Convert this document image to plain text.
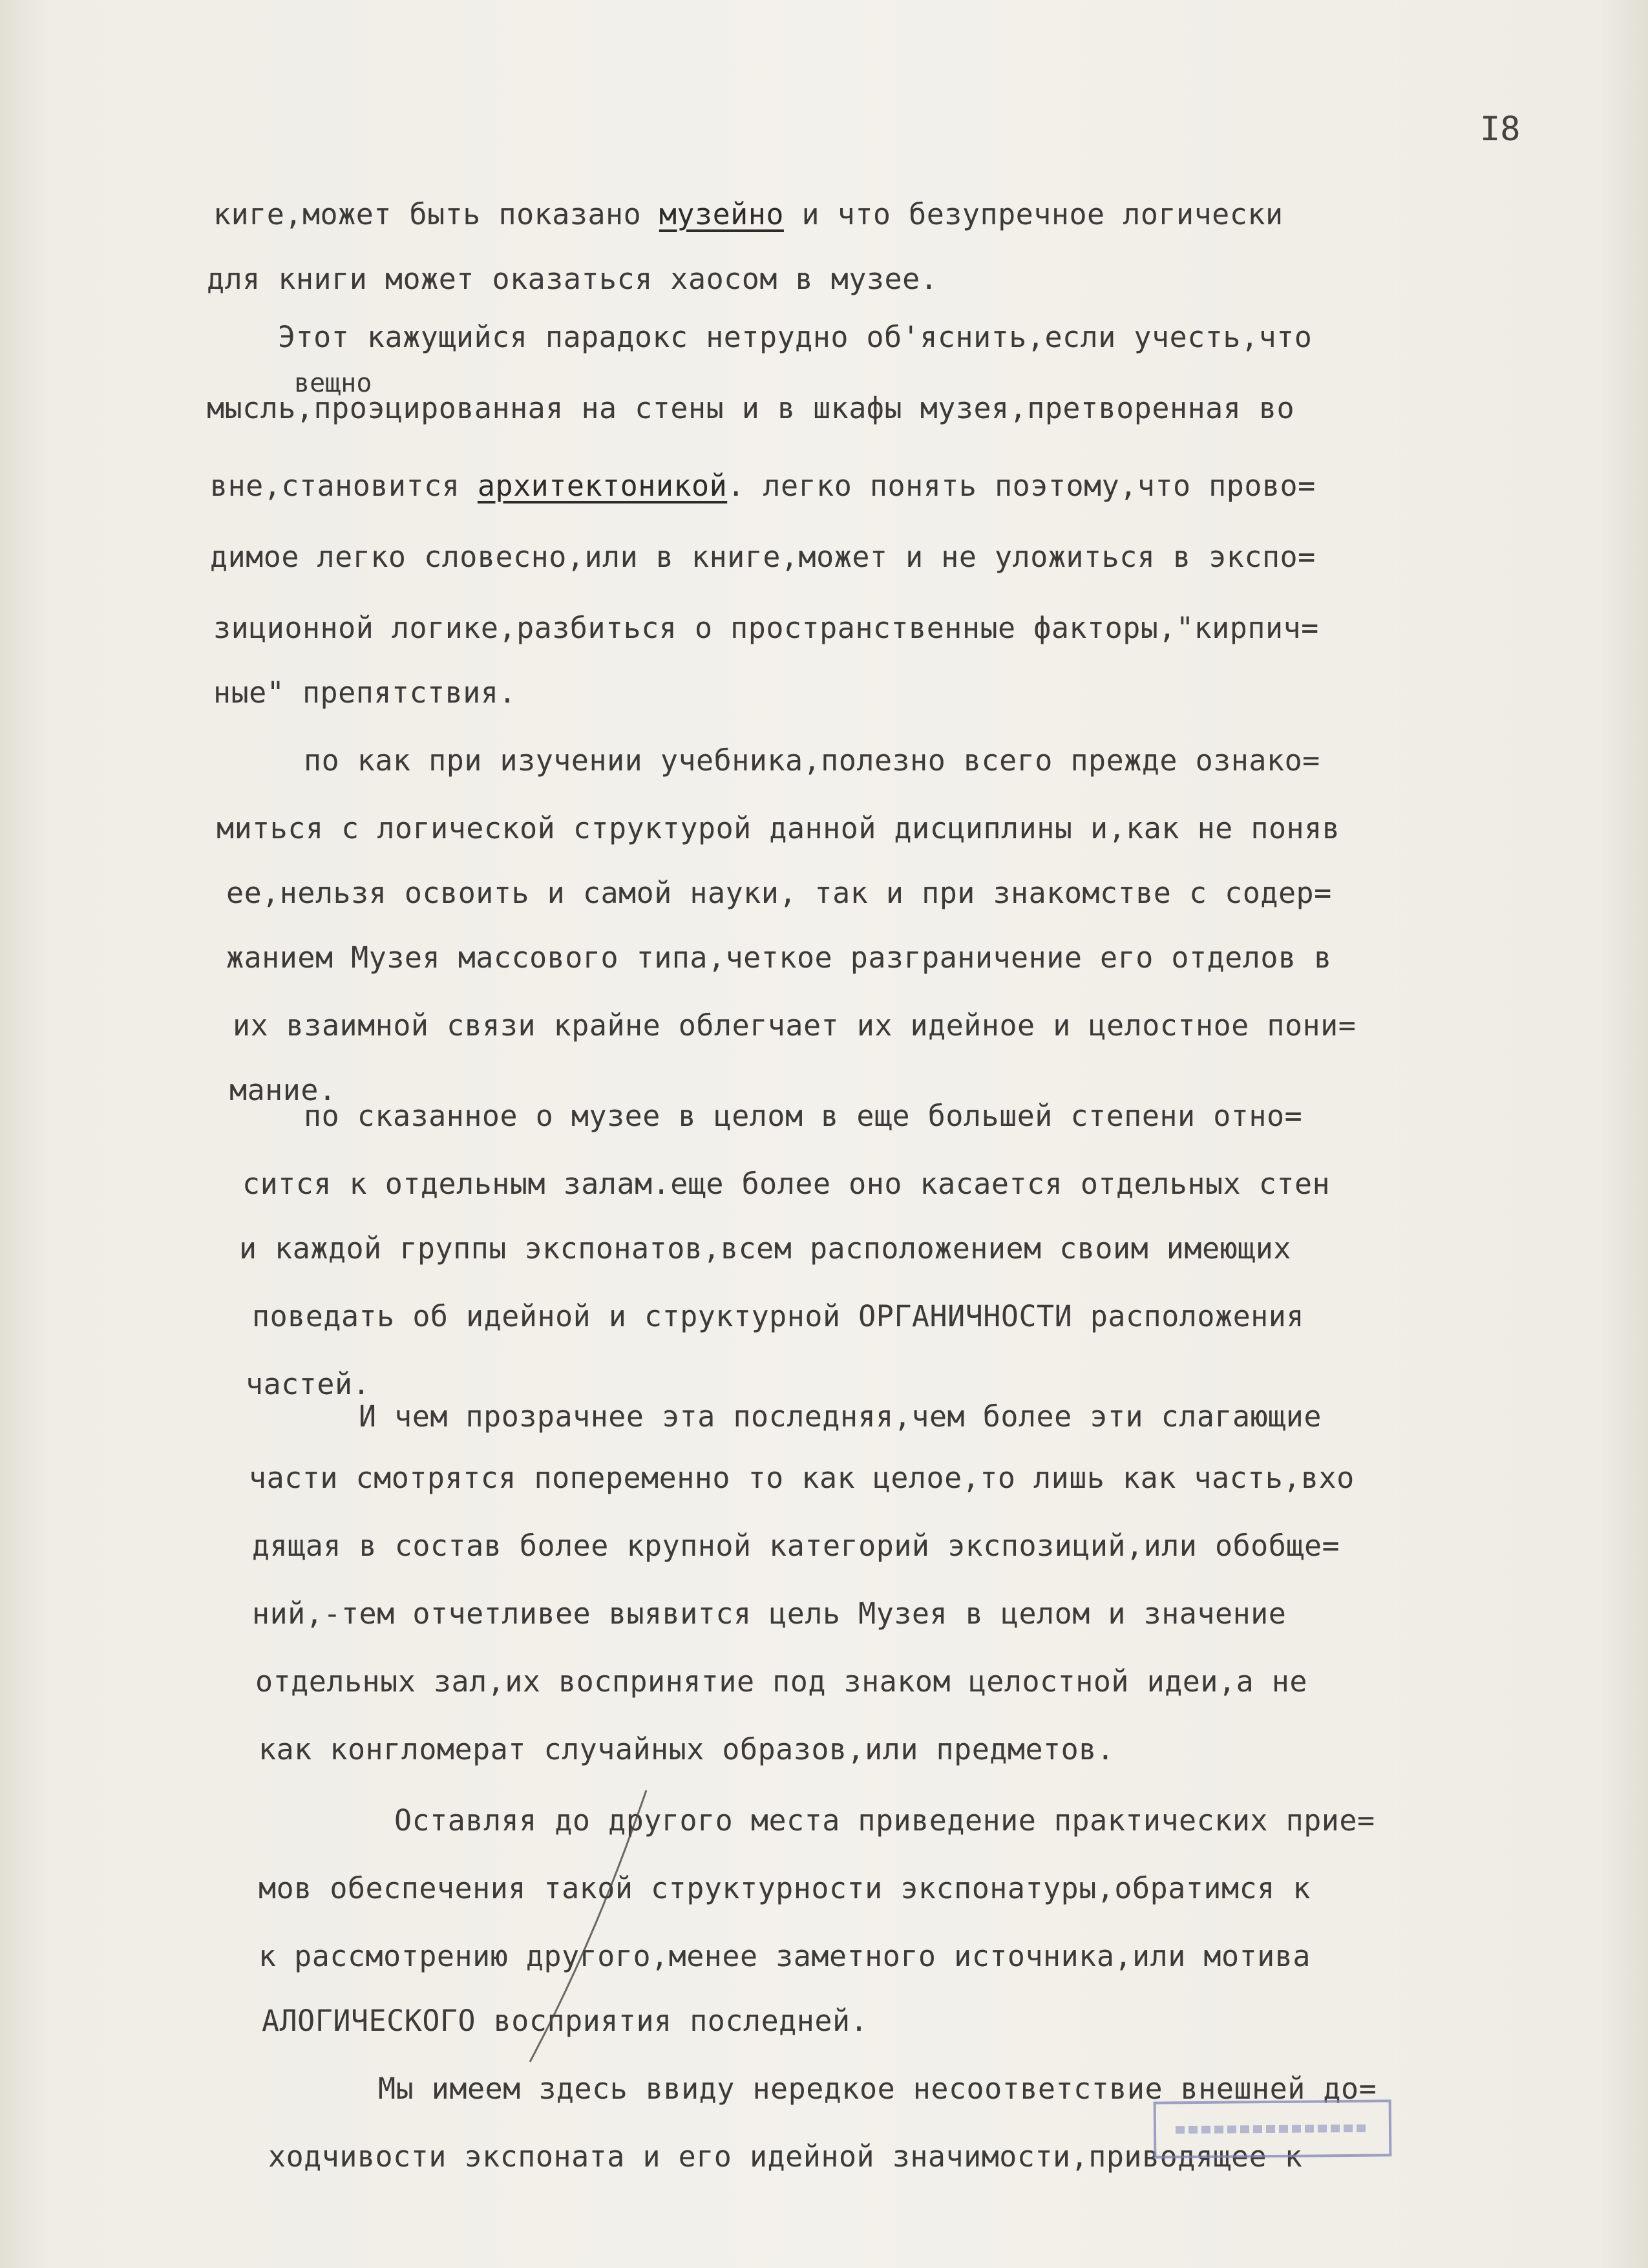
I8
киге,может быть показано музейно и что безупречное логически
для книги может оказаться хаосом в музее.
Этот кажущийся парадокс нетрудно об'яснить,если учесть,что
вещно
мысль,проэцированная на стены и в шкафы музея,претворенная во
вне,становится архитектоникой. легко понять поэтому,что прово=
димое легко словесно,или в книге,может и не уложиться в экспо=
зиционной логике,разбиться о пространственные факторы,"кирпич=
ные" препятствия.
по как при изучении учебника,полезно всего прежде ознако=
миться с логической структурой данной дисциплины и,как не поняв
ее,нельзя освоить и самой науки, так и при знакомстве с содер=
жанием Музея массового типа,четкое разграничение его отделов в
их взаимной связи крайне облегчает их идейное и целостное пони=
мание.
по сказанное о музее в целом в еще большей степени отно=
сится к отдельным залам.еще более оно касается отдельных стен
и каждой группы экспонатов,всем расположением своим имеющих
поведать об идейной и структурной ОРГАНИЧНОСТИ расположения
частей.
И чем прозрачнее эта последняя,чем более эти слагающие
части смотрятся попеременно то как целое,то лишь как часть,вхо
дящая в состав более крупной категорий экспозиций,или обобще=
ний,-тем отчетливее выявится цель Музея в целом и значение
отдельных зал,их воспринятие под знаком целостной идеи,а не
как конгломерат случайных образов,или предметов.
Оставляя до другого места приведение практических прие=
мов обеспечения такой структурности экспонатуры,обратимся к
к рассмотрению другого,менее заметного источника,или мотива
АЛОГИЧЕСКОГО восприятия последней.
Мы имеем здесь ввиду нередкое несоответствие внешней до=
ходчивости экспоната и его идейной значимости,приводящее к
